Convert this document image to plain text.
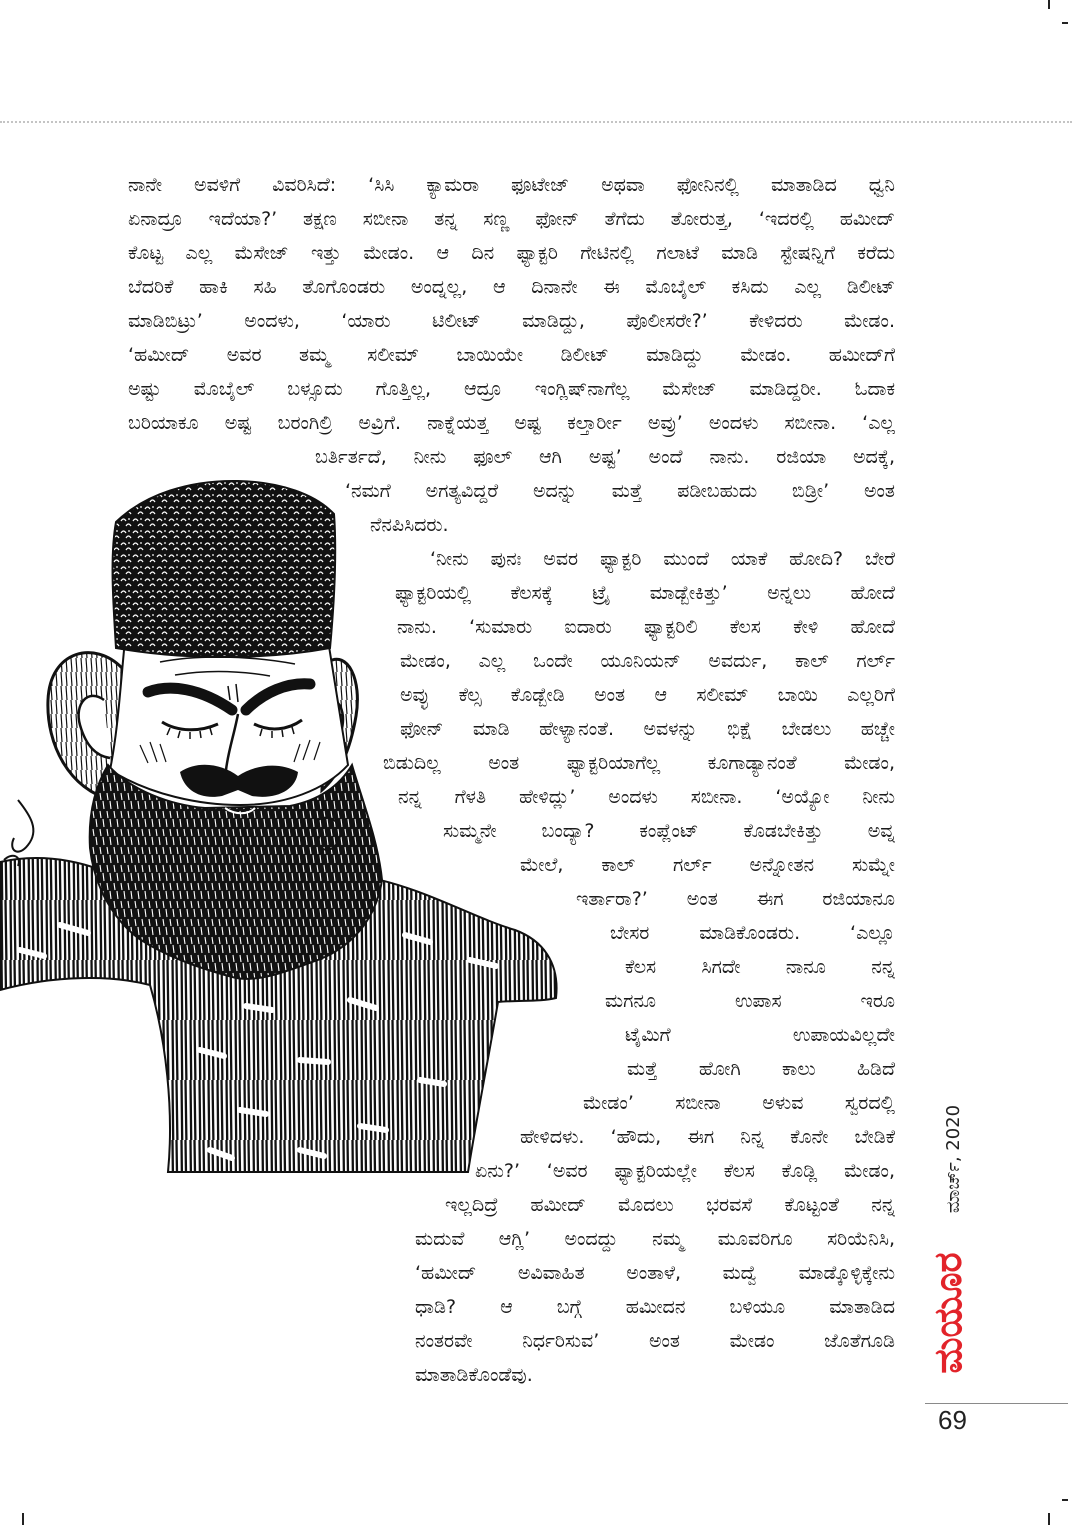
ನಾನೇ ಅವಳಿಗೆ ವಿವರಿಸಿದೆ: ‘ಸಿಸಿ ಕ್ಯಾಮರಾ ಫೂಟೇಜ್ ಅಥವಾ ಫೋನಿನಲ್ಲಿ ಮಾತಾಡಿದ ಧ್ವನಿ
ಏನಾದ್ರೂ ಇದೆಯಾ?’ ತಕ್ಷಣ ಸಬೀನಾ ತನ್ನ ಸಣ್ಣ ಫೋನ್ ತೆಗೆದು ತೋರುತ್ತ, ‘ಇದರಲ್ಲಿ ಹಮೀದ್
ಕೊಟ್ಟ ಎಲ್ಲ ಮೆಸೇಜ್ ಇತ್ತು ಮೇಡಂ. ಆ ದಿನ ಫ್ಯಾಕ್ಟರಿ ಗೇಟಿನಲ್ಲಿ ಗಲಾಟೆ ಮಾಡಿ ಸ್ಟೇಷನ್ನಿಗೆ ಕರೆದು
ಬೆದರಿಕೆ ಹಾಕಿ ಸಹಿ ತೊಗೊಂಡರು ಅಂದ್ನಲ್ಲ, ಆ ದಿನಾನೇ ಈ ಮೊಬೈಲ್ ಕಸಿದು ಎಲ್ಲ ಡಿಲೀಟ್
ಮಾಡಿಬಿಟ್ರು’ ಅಂದಳು, ‘ಯಾರು ಟಿಲೀಟ್ ಮಾಡಿದ್ದು, ಪೊಲೀಸರೇ?’ ಕೇಳಿದರು ಮೇಡಂ.
‘ಹಮೀದ್ ಅವರ ತಮ್ಮ ಸಲೀಮ್ ಬಾಯಿಯೇ ಡಿಲೀಟ್ ಮಾಡಿದ್ದು ಮೇಡಂ. ಹಮೀದ್‌ಗೆ
ಅಷ್ಟು ಮೊಬೈಲ್ ಬಳ್ಸೂದು ಗೊತ್ತಿಲ್ಲ, ಆದ್ರೂ ಇಂಗ್ಲಿಷ್‌ನಾಗೆಲ್ಲ ಮೆಸೇಜ್ ಮಾಡಿದ್ದರೀ. ಓದಾಕ
ಬರಿಯಾಕೂ ಅಷ್ಟ ಬರಂಗಿಲ್ರಿ ಅವ್ರಿಗೆ. ನಾಕ್ನೆಯತ್ತ ಅಷ್ಟ ಕಲ್ತಾರ್ರೀ ಅವ್ರು’ ಅಂದಳು ಸಬೀನಾ. ‘ಎಲ್ಲ
ಬರ್ತಿರ್ತದೆ, ನೀನು ಫೂಲ್ ಆಗಿ ಅಷ್ಟ’ ಅಂದೆ ನಾನು. ರಜಿಯಾ ಅದಕ್ಕೆ,
‘ನಮಗೆ ಅಗತ್ಯವಿದ್ದರೆ ಅದನ್ನು ಮತ್ತೆ ಪಡೀಬಹುದು ಬಿಡ್ರೀ’ ಅಂತ
ನೆನಪಿಸಿದರು.
‘ನೀನು ಪುನಃ ಅವರ ಫ್ಯಾಕ್ಟರಿ ಮುಂದೆ ಯಾಕೆ ಹೋದಿ? ಬೇರೆ
ಫ್ಯಾಕ್ಟರಿಯಲ್ಲಿ ಕೆಲಸಕ್ಕೆ ಟ್ರೈ ಮಾಡ್ಬೇಕಿತ್ತು’ ಅನ್ನಲು ಹೋದೆ
ನಾನು. ‘ಸುಮಾರು ಐದಾರು ಫ್ಯಾಕ್ಟರಿಲಿ ಕೆಲಸ ಕೇಳಿ ಹೋದೆ
ಮೇಡಂ, ಎಲ್ಲ ಒಂದೇ ಯೂನಿಯನ್ ಅವರ್ದು, ಕಾಲ್ ಗರ್ಲ್
ಅವ್ಳು ಕೆಲ್ಸ ಕೊಡ್ಬೇಡಿ ಅಂತ ಆ ಸಲೀಮ್ ಬಾಯಿ ಎಲ್ಲರಿಗೆ
ಫೋನ್ ಮಾಡಿ ಹೇಳ್ಯಾನಂತೆ. ಅವಳನ್ನು ಭಿಕ್ಷೆ ಬೇಡಲು ಹಚ್ಚೇ
ಬಿಡುದಿಲ್ಲ ಅಂತ ಫ್ಯಾಕ್ಟರಿಯಾಗೆಲ್ಲ ಕೂಗಾಡ್ಯಾನಂತೆ ಮೇಡಂ,
ನನ್ನ ಗೆಳತಿ ಹೇಳಿದ್ಲು’ ಅಂದಳು ಸಬೀನಾ. ‘ಅಯ್ಯೋ ನೀನು
ಸುಮ್ಮನೇ ಬಂದ್ಯಾ? ಕಂಪ್ಲೆಂಟ್ ಕೊಡಬೇಕಿತ್ತು ಅವ್ನ
ಮೇಲೆ, ಕಾಲ್ ಗರ್ಲ್ ಅನ್ನೋತನ ಸುಮ್ನೇ
ಇರ್ತಾರಾ?’ ಅಂತ ಈಗ ರಜಿಯಾನೂ
ಬೇಸರ ಮಾಡಿಕೊಂಡರು. ‘ಎಲ್ಲೂ
ಕೆಲಸ ಸಿಗದೇ ನಾನೂ ನನ್ನ
ಮಗನೂ ಉಪಾಸ ಇರೂ
ಟೈಮಿಗೆ ಉಪಾಯವಿಲ್ಲದೇ
ಮತ್ತೆ ಹೋಗಿ ಕಾಲು ಹಿಡಿದೆ
ಮೇಡಂ’ ಸಬೀನಾ ಅಳುವ ಸ್ವರದಲ್ಲಿ
ಹೇಳಿದಳು. ‘ಹೌದು, ಈಗ ನಿನ್ನ ಕೊನೇ ಬೇಡಿಕೆ
ಏನು?’ ‘ಅವರ ಫ್ಯಾಕ್ಟರಿಯಲ್ಲೇ ಕೆಲಸ ಕೊಡ್ಲಿ ಮೇಡಂ,
ಇಲ್ಲದಿದ್ರೆ ಹಮೀದ್ ಮೊದಲು ಭರವಸೆ ಕೊಟ್ಟಂತೆ ನನ್ನ
ಮದುವೆ ಆಗ್ಲಿ’ ಅಂದದ್ದು ನಮ್ಮ ಮೂವರಿಗೂ ಸರಿಯೆನಿಸಿ,
‘ಹಮೀದ್ ಅವಿವಾಹಿತ ಅಂತಾಳೆ, ಮದ್ವೆ ಮಾಡ್ಕೊಳ್ಳಿಕ್ಕೇನು
ಧಾಡಿ? ಆ ಬಗ್ಗೆ ಹಮೀದನ ಬಳಿಯೂ ಮಾತಾಡಿದ
ನಂತರವೇ ನಿರ್ಧರಿಸುವ’ ಅಂತ ಮೇಡಂ ಜೊತೆಗೂಡಿ
ಮಾತಾಡಿಕೊಂಡೆವು.
ಮಾರ್ಚ್, 2020
ಮಯೂರ
69
